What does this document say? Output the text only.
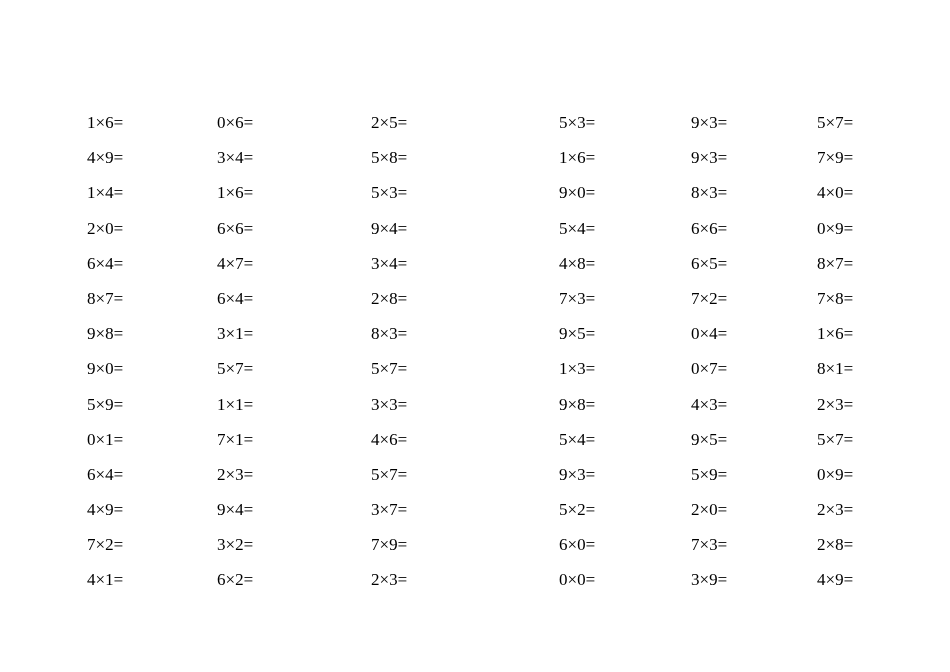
1×6=	0×6=	2×5=	5×3=	9×3=	5×7=
4×9=	3×4=	5×8=	1×6=	9×3=	7×9=
1×4=	1×6=	5×3=	9×0=	8×3=	4×0=
2×0=	6×6=	9×4=	5×4=	6×6=	0×9=
6×4=	4×7=	3×4=	4×8=	6×5=	8×7=
8×7=	6×4=	2×8=	7×3=	7×2=	7×8=
9×8=	3×1=	8×3=	9×5=	0×4=	1×6=
9×0=	5×7=	5×7=	1×3=	0×7=	8×1=
5×9=	1×1=	3×3=	9×8=	4×3=	2×3=
0×1=	7×1=	4×6=	5×4=	9×5=	5×7=
6×4=	2×3=	5×7=	9×3=	5×9=	0×9=
4×9=	9×4=	3×7=	5×2=	2×0=	2×3=
7×2=	3×2=	7×9=	6×0=	7×3=	2×8=
4×1=	6×2=	2×3=	0×0=	3×9=	4×9=
